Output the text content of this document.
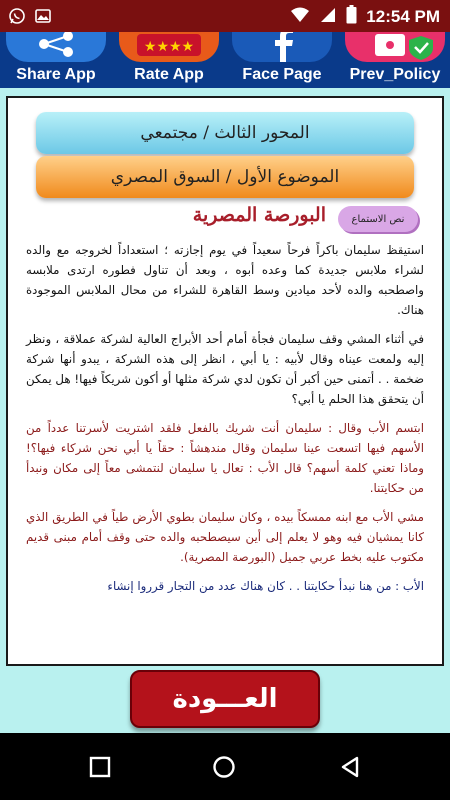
12:54 PM
Share App
★★★★
Rate App	Face Page	Prev_Policy
المحور الثالث / مجتمعي
الموضوع الأول / السوق المصري
نص الاستماع
البورصة المصرية

استيقظ سليمان باكراً فرحاً سعيداً في يوم إجازته ؛ استعداداً لخروجه مع والده لشراء ملابس جديدة كما وعده أبوه ، وبعد أن تناول فطوره ارتدى ملابسه واصطحبه والده لأحد ميادين وسط القاهرة للشراء من محال الملابس الموجودة هناك.

في أثناء المشي وقف سليمان فجأة أمام أحد الأبراج العالية لشركة عملاقة ، ونظر إليه ولمعت عيناه وقال لأبيه : يا أبي ، انظر إلى هذه الشركة ، يبدو أنها شركة ضخمة . . أتمنى حين أكبر أن تكون لدي شركة مثلها أو أكون شريكاً فيها! هل يمكن أن يتحقق هذا الحلم يا أبي؟

ابتسم الأب وقال : سليمان أنت شريك بالفعل فلقد اشتريت لأسرتنا عدداً من الأسهم فيها اتسعت عينا سليمان وقال مندهشاً : حقاً يا أبي نحن شركاء فيها؟! وماذا تعني كلمة أسهم؟ قال الأب : تعال يا سليمان لنتمشى معاً إلى مكان ونبدأ من حكايتنا.

مشي الأب مع ابنه ممسكاً بيده ، وكان سليمان بطوي الأرض طياً في الطريق الذي كانا يمشيان فيه وهو لا يعلم إلى أين سيصطحبه والده حتى وقف أمام مبنى قديم مكتوب عليه بخط عربي جميل (البورصة المصرية).

الأب : من هنا نبدأ حكايتنا . . كان هناك عدد من التجار قرروا إنشاء

العـــودة
